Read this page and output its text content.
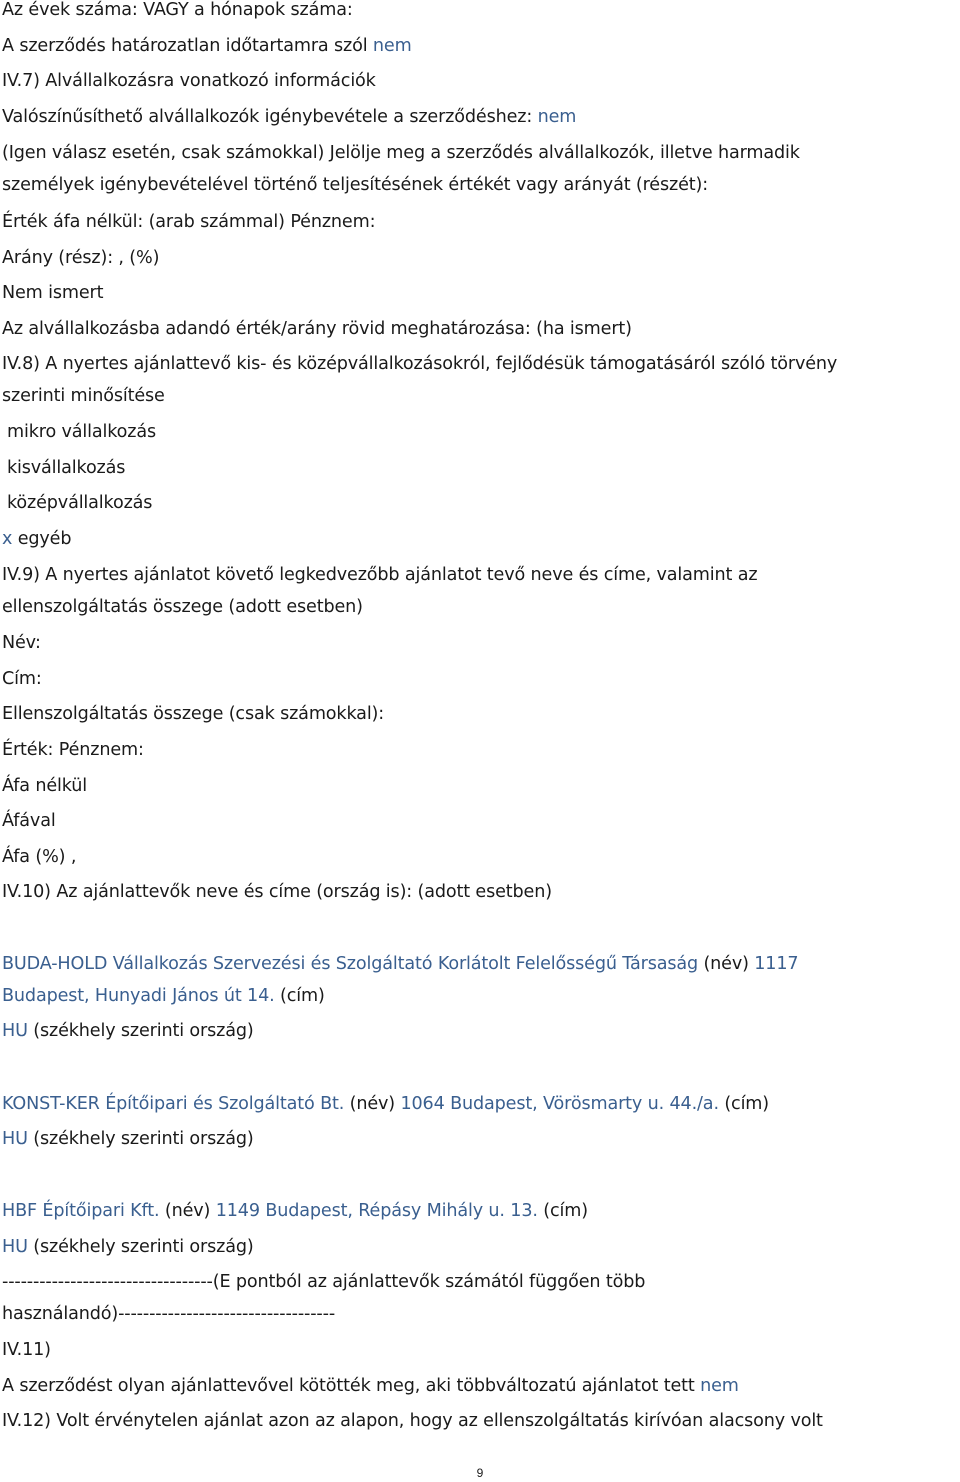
Az évek száma: VAGY a hónapok száma:
A szerződés határozatlan időtartamra szól nem
IV.7) Alvállalkozásra vonatkozó információk
Valószínűsíthető alvállalkozók igénybevétele a szerződéshez: nem
(Igen válasz esetén, csak számokkal) Jelölje meg a szerződés alvállalkozók, illetve harmadik
személyek igénybevételével történő teljesítésének értékét vagy arányát (részét):
Érték áfa nélkül: (arab számmal) Pénznem:
Arány (rész): , (%)
Nem ismert
Az alvállalkozásba adandó érték/arány rövid meghatározása: (ha ismert)
IV.8) A nyertes ajánlattevő kis- és középvállalkozásokról, fejlődésük támogatásáról szóló törvény
szerinti minősítése
mikro vállalkozás
kisvállalkozás
középvállalkozás
x egyéb
IV.9) A nyertes ajánlatot követő legkedvezőbb ajánlatot tevő neve és címe, valamint az
ellenszolgáltatás összege (adott esetben)
Név:
Cím:
Ellenszolgáltatás összege (csak számokkal):
Érték: Pénznem:
Áfa nélkül
Áfával
Áfa (%) ,
IV.10) Az ajánlattevők neve és címe (ország is): (adott esetben)
BUDA-HOLD Vállalkozás Szervezési és Szolgáltató Korlátolt Felelősségű Társaság (név) 1117
Budapest, Hunyadi János út 14. (cím)
HU (székhely szerinti ország)
KONST-KER Építőipari és Szolgáltató Bt. (név) 1064 Budapest, Vörösmarty u. 44./a. (cím)
HU (székhely szerinti ország)
HBF Építőipari Kft. (név) 1149 Budapest, Répásy Mihály u. 13. (cím)
HU (székhely szerinti ország)
----------------------------------(E pontból az ajánlattevők számától függően több
használandó)-----------------------------------
IV.11)
A szerződést olyan ajánlattevővel kötötték meg, aki többváltozatú ajánlatot tett nem
IV.12) Volt érvénytelen ajánlat azon az alapon, hogy az ellenszolgáltatás kirívóan alacsony volt
9
